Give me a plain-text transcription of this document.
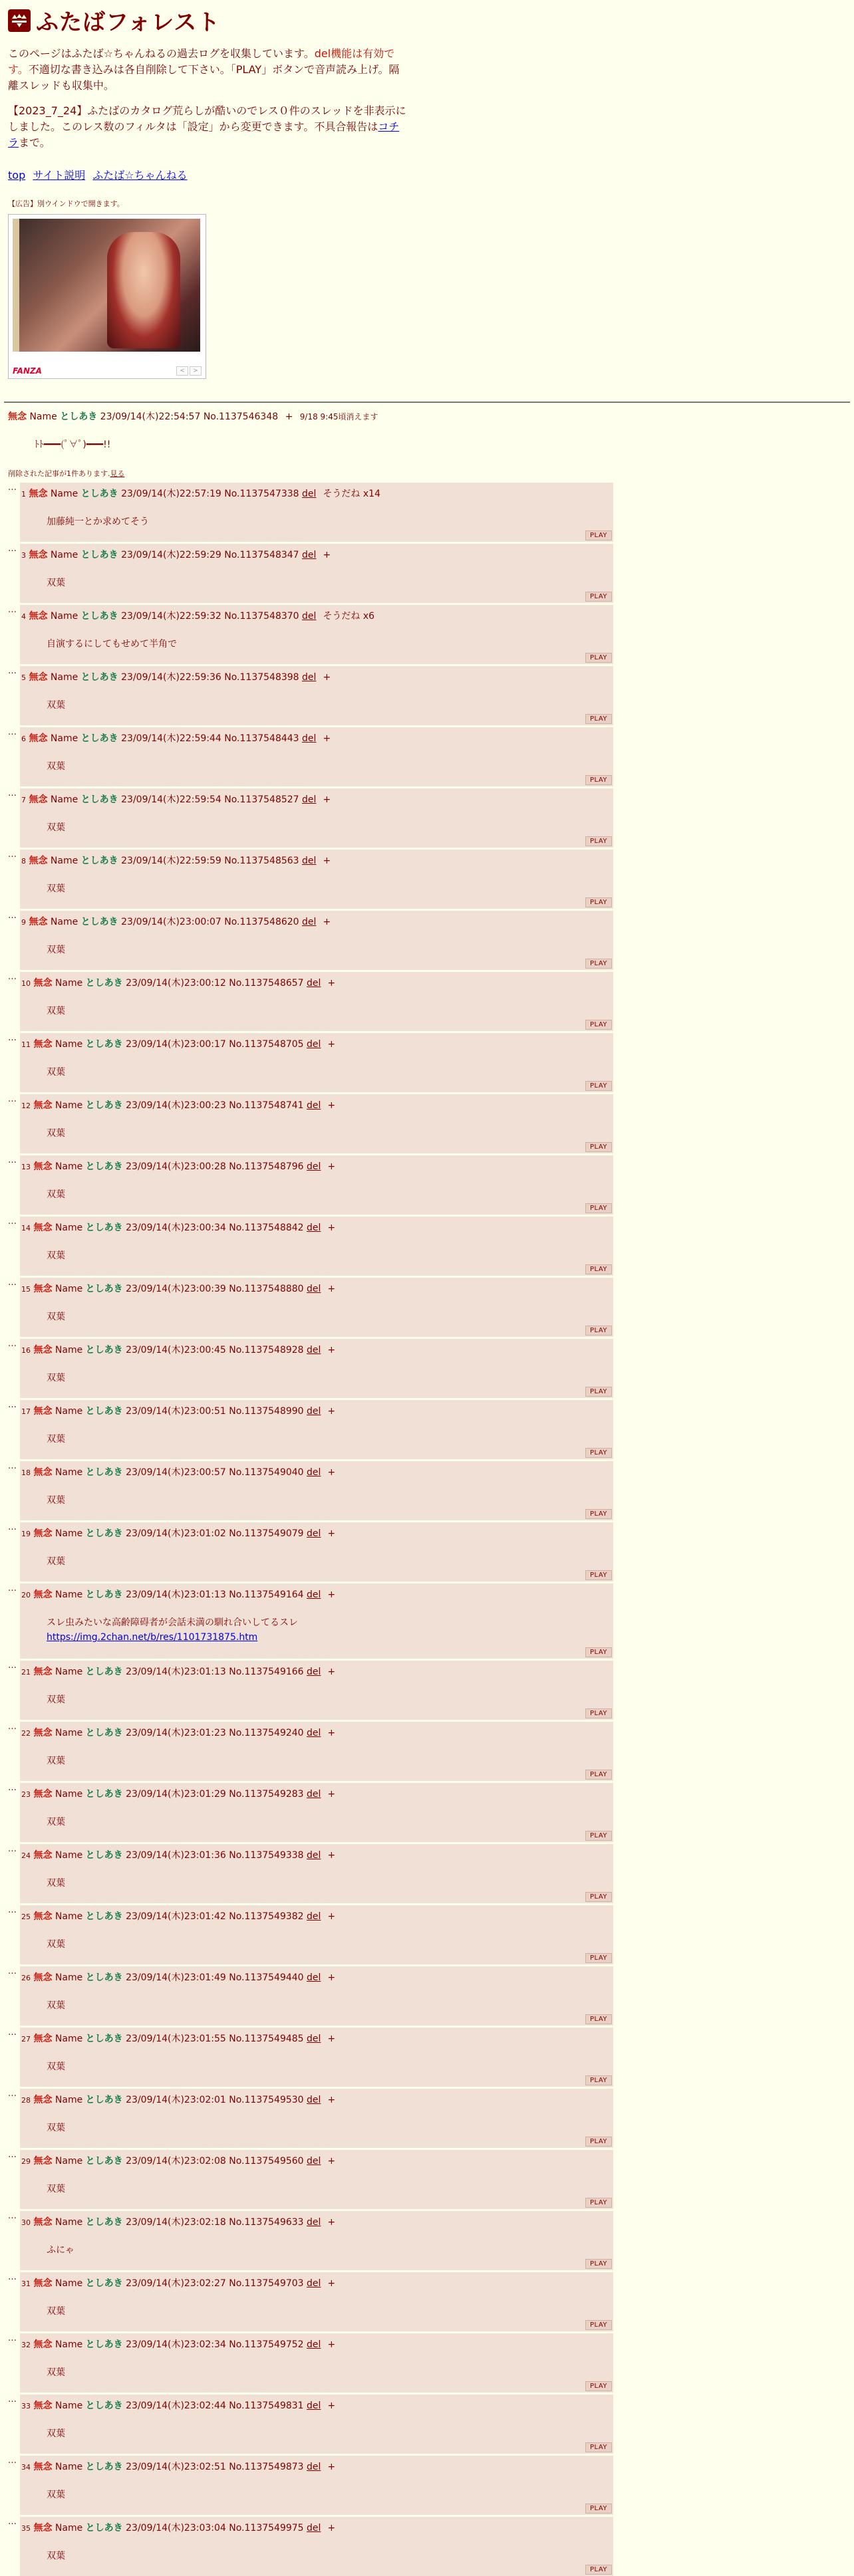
ふたばフォレスト

このページはふたば☆ちゃんねるの過去ログを収集しています。del機能は有効です。不適切な書き込みは各自削除して下さい。「PLAY」ボタンで音声読み上げ。隔離スレッドも収集中。

【2023_7_24】ふたばのカタログ荒らしが酷いのでレス０件のスレッドを非表示にしました。このレス数のフィルタは「設定」から変更できます。不具合報告はコチラまで。

top サイト説明 ふたば☆ちゃんねる
【広告】別ウインドウで開きます。
FANZA	<	>
無念 Name としあき 23/09/14(木)22:54:57 No.1137546348 + 9/18 9:45頃消えます
ﾄﾄ━━━(ﾟ∀ﾟ)━━━!!
削除された記事が1件あります.見る
…
1 無念 Name としあき 23/09/14(木)22:57:19 No.1137547338 del そうだね x14
加藤純一とか求めてそう
PLAY
…
3 無念 Name としあき 23/09/14(木)22:59:29 No.1137548347 del +
双葉
PLAY
…
4 無念 Name としあき 23/09/14(木)22:59:32 No.1137548370 del そうだね x6
自演するにしてもせめて半角で
PLAY
…
5 無念 Name としあき 23/09/14(木)22:59:36 No.1137548398 del +
双葉
PLAY
…
6 無念 Name としあき 23/09/14(木)22:59:44 No.1137548443 del +
双葉
PLAY
…
7 無念 Name としあき 23/09/14(木)22:59:54 No.1137548527 del +
双葉
PLAY
…
8 無念 Name としあき 23/09/14(木)22:59:59 No.1137548563 del +
双葉
PLAY
…
9 無念 Name としあき 23/09/14(木)23:00:07 No.1137548620 del +
双葉
PLAY
…
10 無念 Name としあき 23/09/14(木)23:00:12 No.1137548657 del +
双葉
PLAY
…
11 無念 Name としあき 23/09/14(木)23:00:17 No.1137548705 del +
双葉
PLAY
…
12 無念 Name としあき 23/09/14(木)23:00:23 No.1137548741 del +
双葉
PLAY
…
13 無念 Name としあき 23/09/14(木)23:00:28 No.1137548796 del +
双葉
PLAY
…
14 無念 Name としあき 23/09/14(木)23:00:34 No.1137548842 del +
双葉
PLAY
…
15 無念 Name としあき 23/09/14(木)23:00:39 No.1137548880 del +
双葉
PLAY
…
16 無念 Name としあき 23/09/14(木)23:00:45 No.1137548928 del +
双葉
PLAY
…
17 無念 Name としあき 23/09/14(木)23:00:51 No.1137548990 del +
双葉
PLAY
…
18 無念 Name としあき 23/09/14(木)23:00:57 No.1137549040 del +
双葉
PLAY
…
19 無念 Name としあき 23/09/14(木)23:01:02 No.1137549079 del +
双葉
PLAY
…
20 無念 Name としあき 23/09/14(木)23:01:13 No.1137549164 del +
スレ虫みたいな高齢障碍者が会話未満の馴れ合いしてるスレ
https://img.2chan.net/b/res/1101731875.htm
PLAY
…
21 無念 Name としあき 23/09/14(木)23:01:13 No.1137549166 del +
双葉
PLAY
…
22 無念 Name としあき 23/09/14(木)23:01:23 No.1137549240 del +
双葉
PLAY
…
23 無念 Name としあき 23/09/14(木)23:01:29 No.1137549283 del +
双葉
PLAY
…
24 無念 Name としあき 23/09/14(木)23:01:36 No.1137549338 del +
双葉
PLAY
…
25 無念 Name としあき 23/09/14(木)23:01:42 No.1137549382 del +
双葉
PLAY
…
26 無念 Name としあき 23/09/14(木)23:01:49 No.1137549440 del +
双葉
PLAY
…
27 無念 Name としあき 23/09/14(木)23:01:55 No.1137549485 del +
双葉
PLAY
…
28 無念 Name としあき 23/09/14(木)23:02:01 No.1137549530 del +
双葉
PLAY
…
29 無念 Name としあき 23/09/14(木)23:02:08 No.1137549560 del +
双葉
PLAY
…
30 無念 Name としあき 23/09/14(木)23:02:18 No.1137549633 del +
ふにゃ
PLAY
…
31 無念 Name としあき 23/09/14(木)23:02:27 No.1137549703 del +
双葉
PLAY
…
32 無念 Name としあき 23/09/14(木)23:02:34 No.1137549752 del +
双葉
PLAY
…
33 無念 Name としあき 23/09/14(木)23:02:44 No.1137549831 del +
双葉
PLAY
…
34 無念 Name としあき 23/09/14(木)23:02:51 No.1137549873 del +
双葉
PLAY
…
35 無念 Name としあき 23/09/14(木)23:03:04 No.1137549975 del +
双葉
PLAY
